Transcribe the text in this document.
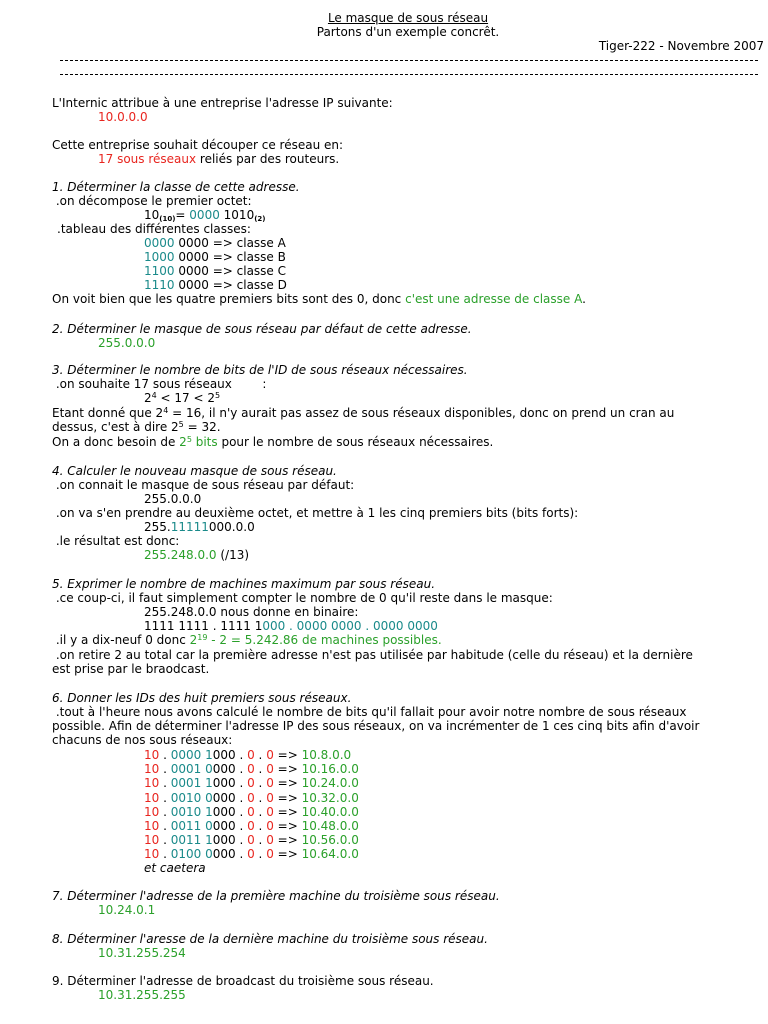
Le masque de sous réseau
Partons d'un exemple concrêt.
Tiger-222 - Novembre 2007
L'Internic attribue à une entreprise l'adresse IP suivante:
10.0.0.0
Cette entreprise souhait découper ce réseau en:
17 sous réseaux reliés par des routeurs.
1. Déterminer la classe de cette adresse.
.on décompose le premier octet:
$10_{(10)}= 0000$ $1010_{(2)}$
.tableau des différentes classes:
0000 0000 => classe A
1000 0000 => classe B
1100 0000 => classe C
1110 0000 => classe D
On voit bien que les quatre premiers bits sont des 0, donc c'est une adresse de classe A.
2. Déterminer le masque de sous réseau par défaut de cette adresse.
255.0.0.0
3. Déterminer le nombre de bits de l'ID de sous réseaux nécessaires.
.on souhaite 17 sous réseaux        :
$2^4 < 17 < 2^5$
Etant donné que $2^4 = 16$, il n'y aurait pas assez de sous réseaux disponibles, donc on prend un cran au
dessus, c'est à dire $2^5 = 32$.
On a donc besoin de $2^5$ bits pour le nombre de sous réseaux nécessaires.
4. Calculer le nouveau masque de sous réseau.
.on connait le masque de sous réseau par défaut:
255.0.0.0
.on va s'en prendre au deuxième octet, et mettre à 1 les cinq premiers bits (bits forts):
255.11111000.0.0
.le résultat est donc:
255.248.0.0 (/13)
5. Exprimer le nombre de machines maximum par sous réseau.
.ce coup-ci, il faut simplement compter le nombre de 0 qu'il reste dans le masque:
255.248.0.0 nous donne en binaire:
1111 1111 . 1111 1000 . 0000 0000 . 0000 0000
.il y a dix-neuf 0 donc $2^{19} - 2 = 5.242.86$ de machines possibles.
.on retire 2 au total car la première adresse n'est pas utilisée par habitude (celle du réseau) et la dernière
est prise par le braodcast.
6. Donner les IDs des huit premiers sous réseaux.
.tout à l'heure nous avons calculé le nombre de bits qu'il fallait pour avoir notre nombre de sous réseaux
possible. Afin de déterminer l'adresse IP des sous réseaux, on va incrémenter de 1 ces cinq bits afin d'avoir
chacuns de nos sous réseaux:
10 . 0000 1000 . 0 . 0 => 10.8.0.0
10 . 0001 0000 . 0 . 0 => 10.16.0.0
10 . 0001 1000 . 0 . 0 => 10.24.0.0
10 . 0010 0000 . 0 . 0 => 10.32.0.0
10 . 0010 1000 . 0 . 0 => 10.40.0.0
10 . 0011 0000 . 0 . 0 => 10.48.0.0
10 . 0011 1000 . 0 . 0 => 10.56.0.0
10 . 0100 0000 . 0 . 0 => 10.64.0.0
et caetera
7. Déterminer l'adresse de la première machine du troisième sous réseau.
10.24.0.1
8. Déterminer l'aresse de la dernière machine du troisième sous réseau.
10.31.255.254
9. Déterminer l'adresse de broadcast du troisième sous réseau.
10.31.255.255
